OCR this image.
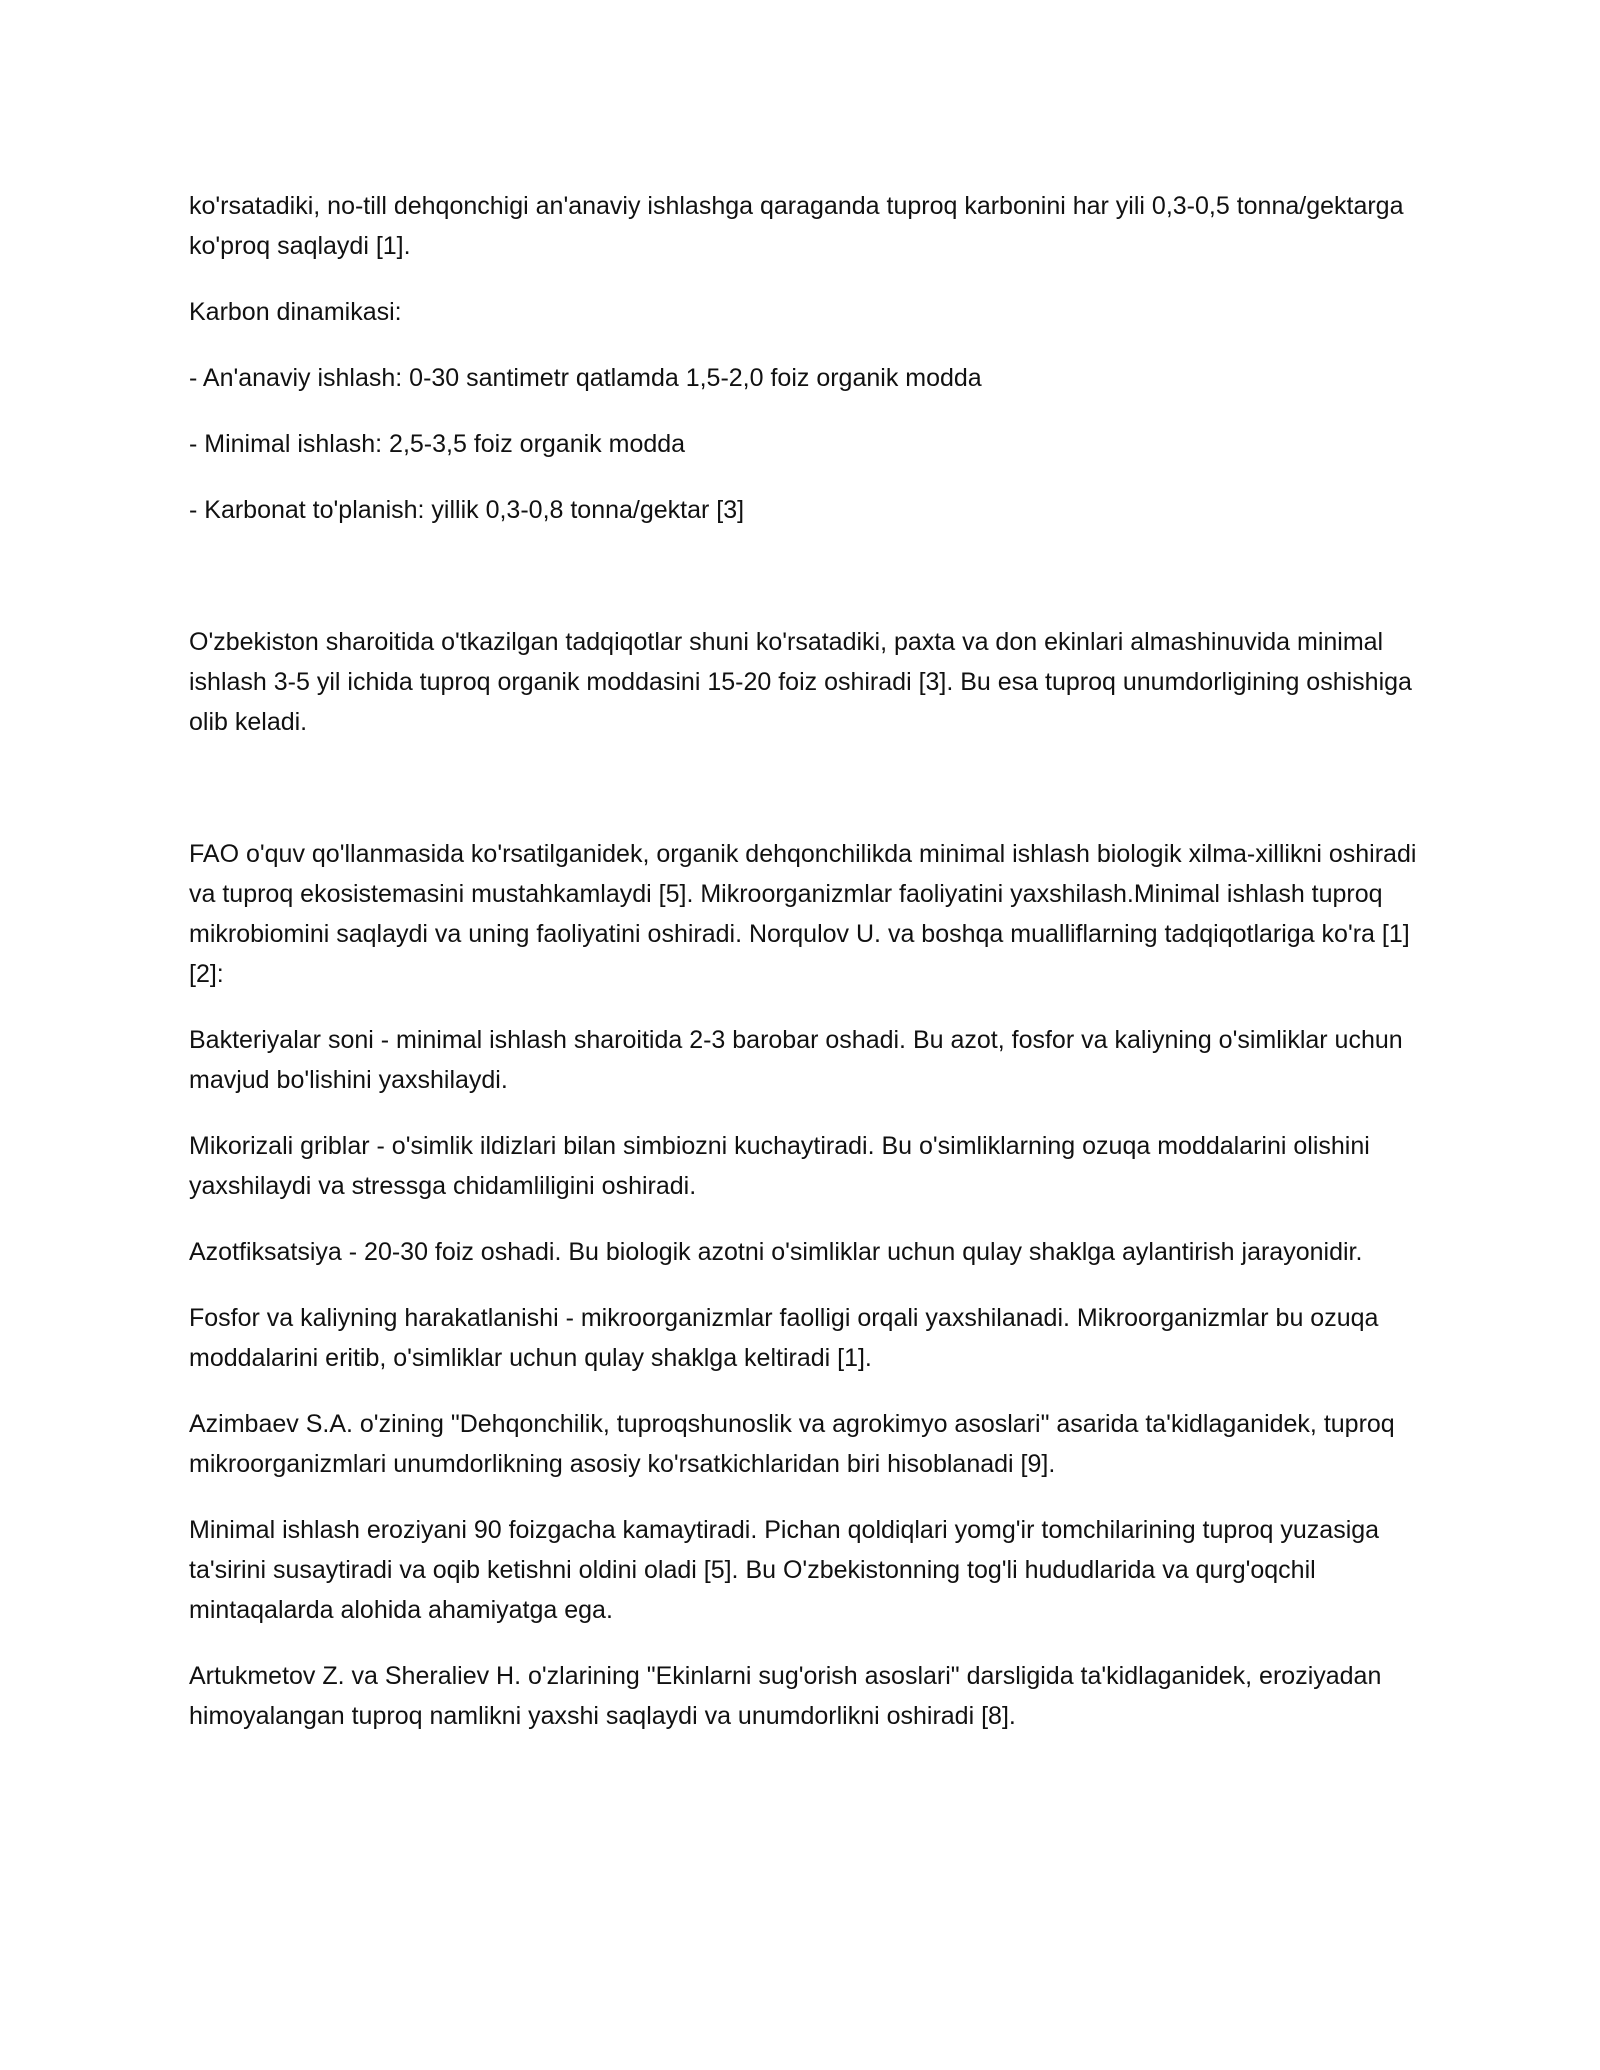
ko'rsatadiki, no-till dehqonchigi an'anaviy ishlashga qaraganda tuproq karbonini har yili 0,3-0,5 tonna/gektarga ko'proq saqlaydi [1].

Karbon dinamikasi:

- An'anaviy ishlash: 0-30 santimetr qatlamda 1,5-2,0 foiz organik modda

- Minimal ishlash: 2,5-3,5 foiz organik modda

- Karbonat to'planish: yillik 0,3-0,8 tonna/gektar [3]

O'zbekiston sharoitida o'tkazilgan tadqiqotlar shuni ko'rsatadiki, paxta va don ekinlari almashinuvida minimal ishlash 3-5 yil ichida tuproq organik moddasini 15-20 foiz oshiradi [3]. Bu esa tuproq unumdorligining oshishiga olib keladi.

FAO o'quv qo'llanmasida ko'rsatilganidek, organik dehqonchilikda minimal ishlash biologik xilma-xillikni oshiradi va tuproq ekosistemasini mustahkamlaydi [5]. Mikroorganizmlar faoliyatini yaxshilash.Minimal ishlash tuproq mikrobiomini saqlaydi va uning faoliyatini oshiradi. Norqulov U. va boshqa mualliflarning tadqiqotlariga ko'ra [1][2]:

Bakteriyalar soni - minimal ishlash sharoitida 2-3 barobar oshadi. Bu azot, fosfor va kaliyning o'simliklar uchun mavjud bo'lishini yaxshilaydi.

Mikorizali griblar - o'simlik ildizlari bilan simbiozni kuchaytiradi. Bu o'simliklarning ozuqa moddalarini olishini yaxshilaydi va stressga chidamliligini oshiradi.

Azotfiksatsiya - 20-30 foiz oshadi. Bu biologik azotni o'simliklar uchun qulay shaklga aylantirish jarayonidir.

Fosfor va kaliyning harakatlanishi - mikroorganizmlar faolligi orqali yaxshilanadi. Mikroorganizmlar bu ozuqa moddalarini eritib, o'simliklar uchun qulay shaklga keltiradi [1].

Azimbaev S.A. o'zining "Dehqonchilik, tuproqshunoslik va agrokimyo asoslari" asarida ta'kidlaganidek, tuproq mikroorganizmlari unumdorlikning asosiy ko'rsatkichlaridan biri hisoblanadi [9].

Minimal ishlash eroziyani 90 foizgacha kamaytiradi. Pichan qoldiqlari yomg'ir tomchilarining tuproq yuzasiga ta'sirini susaytiradi va oqib ketishni oldini oladi [5]. Bu O'zbekistonning tog'li hududlarida va qurg'oqchil mintaqalarda alohida ahamiyatga ega.

Artukmetov Z. va Sheraliev H. o'zlarining "Ekinlarni sug'orish asoslari" darsligida ta'kidlaganidek, eroziyadan himoyalangan tuproq namlikni yaxshi saqlaydi va unumdorlikni oshiradi [8].
